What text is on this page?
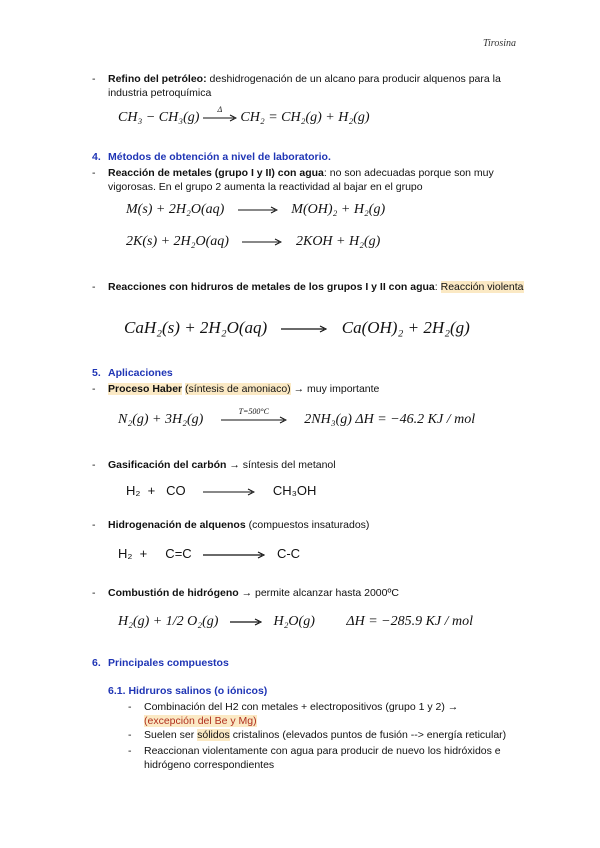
Tirosina
- Refino del petróleo: deshidrogenación de un alcano para producir alquenos para la industria petroquímica
CH₃ − CH₃(g)
Δ
CH₂ = CH₂(g) + H₂(g)
4. Métodos de obtención a nivel de laboratorio.
- Reacción de metales (grupo I y II) con agua: no son adecuadas porque son muy vigorosas. En el grupo 2 aumenta la reactividad al bajar en el grupo
M(s) + 2H₂O(aq) → M(OH)₂ + H₂(g)
2K(s) + 2H₂O(aq) → 2KOH + H₂(g)
- Reacciones con hidruros de metales de los grupos I y II con agua: Reacción violenta
CaH₂(s) + 2H₂O(aq) → Ca(OH)₂ + 2H₂(g)
5. Aplicaciones
- Proceso Haber (síntesis de amoniaco) → muy importante
N₂(g) + 3H₂(g)
T=500°C
2NH₃(g) ΔH = −46.2 KJ / mol
- Gasificación del carbón → síntesis del metanol
H₂  +   CO → CH₃OH
- Hidrogenación de alquenos (compuestos insaturados)
H₂  +     C=C	C-C
- Combustión de hidrógeno → permite alcanzar hasta 2000ºC
H₂(g) + 1/2 O₂(g) → H₂O(g) ΔH = −285.9 KJ / mol
6. Principales compuestos
6.1. Hidruros salinos (o iónicos)
- Combinación del H2 con metales + electropositivos (grupo 1 y 2) →
(excepción del Be y Mg)
- Suelen ser sólidos cristalinos (elevados puntos de fusión --> energía reticular)
- Reaccionan violentamente con agua para producir de nuevo los hidróxidos e hidrógeno correspondientes
